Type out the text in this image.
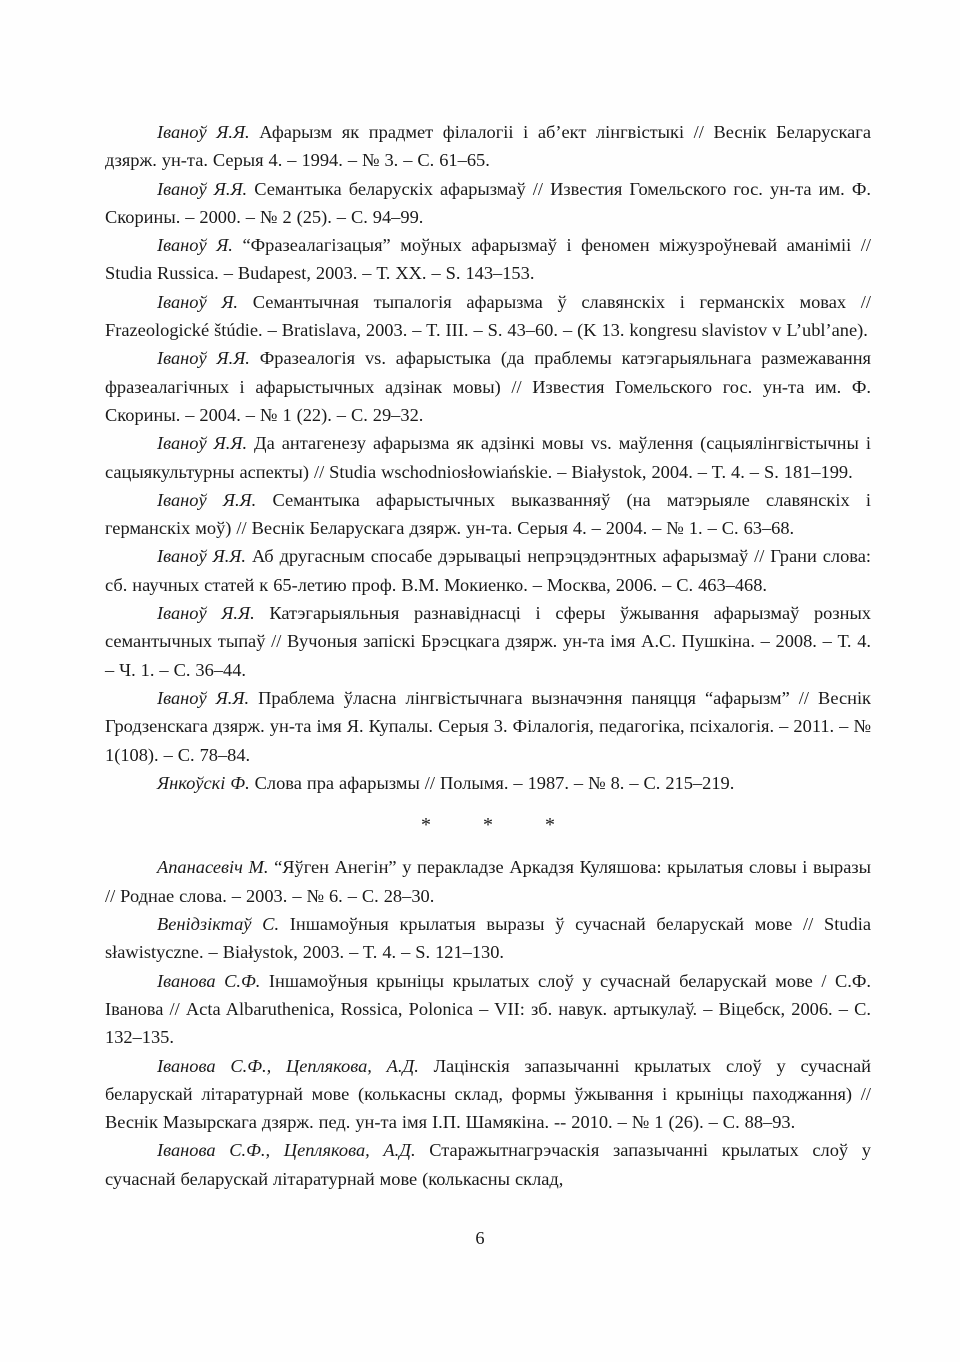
Іваноў Я.Я. Афарызм як прадмет філалогіі і аб’ект лінгвістыкі // Веснік Беларускага дзярж. ун-та. Серыя 4. – 1994. – № 3. – С. 61–65.

Іваноў Я.Я. Семантыка беларускіх афарызмаў // Известия Гомельского гос. ун-та им. Ф. Скорины. – 2000. – № 2 (25). – С. 94–99.

Іваноў Я. “Фразеалагізацыя” моўных афарызмаў і феномен міжузроўневай аманіміі // Studia Russica. – Budapest, 2003. – Т. XX. – S. 143–153.

Іваноў Я. Семантычная тыпалогія афарызма ў славянскіх і германскіх мовах // Frazeologické štúdie. – Bratislava, 2003. – T. III. – S. 43–60. – (K 13. kongresu slavistov v L’ubl’ane).

Іваноў Я.Я. Фразеалогія vs. афарыстыка (да праблемы катэгарыяльнага размежавання фразеалагічных і афарыстычных адзінак мовы) // Известия Гомельского гос. ун-та им. Ф. Скорины. – 2004. – № 1 (22). – С. 29–32.

Іваноў Я.Я. Да антагенезу афарызма як адзінкі мовы vs. маўлення (сацыялінгвістычны і сацыякультурны аспекты) // Studia wschodniosłowiańskie. – Białystok, 2004. – T. 4. – S. 181–199.

Іваноў Я.Я. Семантыка афарыстычных выказванняў (на матэрыяле славянскіх і германскіх моў) // Веснік Беларускага дзярж. ун-та. Серыя 4. – 2004. – № 1. – С. 63–68.

Іваноў Я.Я. Аб другасным спосабе дэрывацыі непрэцэдэнтных афарызмаў // Грани слова: сб. научных статей к 65-летию проф. В.М. Мокиенко. – Москва, 2006. – С. 463–468.

Іваноў Я.Я. Катэгарыяльныя разнавіднасці і сферы ўжывання афарызмаў розных семантычных тыпаў // Вучоныя запіскі Брэсцкага дзярж. ун-та імя А.С. Пушкіна. – 2008. – Т. 4. – Ч. 1. – С. 36–44.

Іваноў Я.Я. Праблема ўласна лінгвістычнага вызначэння паняцця “афарызм” // Веснік Гродзенскага дзярж. ун-та імя Я. Купалы. Серыя 3. Філалогія, педагогіка, псіхалогія. – 2011. – № 1(108). – С. 78–84.

Янкоўскі Ф. Слова пра афарызмы // Полымя. – 1987. – № 8. – С. 215–219.

*	*	*

Апанасевіч М. “Яўген Анегін” у перакладзе Аркадзя Куляшова: крылатыя словы і выразы // Роднае слова. – 2003. – № 6. – С. 28–30.

Венідзіктаў С. Іншамоўныя крылатыя выразы ў сучаснай беларускай мове // Studia sławistyczne. – Białystok, 2003. – T. 4. – S. 121–130.

Іванова С.Ф. Іншамоўныя крыніцы крылатых слоў у сучаснай беларускай мове / С.Ф. Іванова // Acta Albaruthenica, Rossica, Polonica – VII: зб. навук. артыкулаў. – Віцебск, 2006. – С. 132–135.

Іванова С.Ф., Цеплякова, А.Д. Лацінскія запазычанні крылатых слоў у сучаснай беларускай літаратурнай мове (колькасны склад, формы ўжывання і крыніцы паходжання) // Веснік Мазырскага дзярж. пед. ун-та імя І.П. Шамякіна. -- 2010. – № 1 (26). – С. 88–93.

Іванова С.Ф., Цеплякова, А.Д. Старажытнагрэчаскія запазычанні крылатых слоў у сучаснай беларускай літаратурнай мове (колькасны склад,

6
